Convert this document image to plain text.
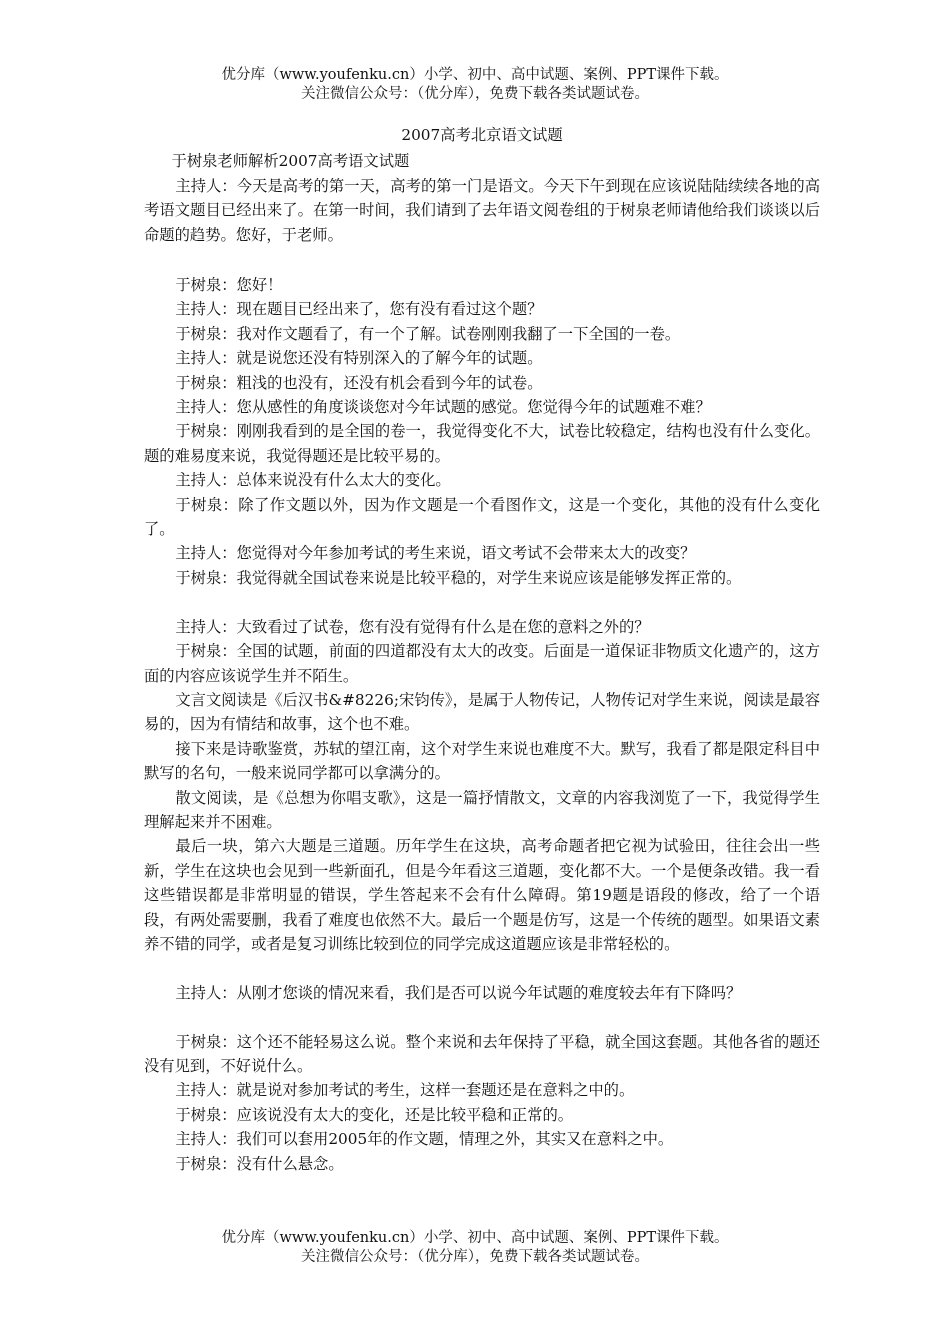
优分库（www.youfenku.cn）小学、初中、高中试题、案例、PPT课件下载。
关注微信公众号：（优分库），免费下载各类试题试卷。
2007高考北京语文试题

于树泉老师解析2007高考语文试题

主持人：今天是高考的第一天，高考的第一门是语文。今天下午到现在应该说陆陆续续各地的高考语文题目已经出来了。在第一时间，我们请到了去年语文阅卷组的于树泉老师请他给我们谈谈以后命题的趋势。您好，于老师。

于树泉：您好！

主持人：现在题目已经出来了，您有没有看过这个题？

于树泉：我对作文题看了，有一个了解。试卷刚刚我翻了一下全国的一卷。

主持人：就是说您还没有特别深入的了解今年的试题。

于树泉：粗浅的也没有，还没有机会看到今年的试卷。

主持人：您从感性的角度谈谈您对今年试题的感觉。您觉得今年的试题难不难？

于树泉：刚刚我看到的是全国的卷一，我觉得变化不大，试卷比较稳定，结构也没有什么变化。题的难易度来说，我觉得题还是比较平易的。

主持人：总体来说没有什么太大的变化。

于树泉：除了作文题以外，因为作文题是一个看图作文，这是一个变化，其他的没有什么变化了。

主持人：您觉得对今年参加考试的考生来说，语文考试不会带来太大的改变？

于树泉：我觉得就全国试卷来说是比较平稳的，对学生来说应该是能够发挥正常的。

主持人：大致看过了试卷，您有没有觉得有什么是在您的意料之外的？

于树泉：全国的试题，前面的四道都没有太大的改变。后面是一道保证非物质文化遗产的，这方面的内容应该说学生并不陌生。

文言文阅读是《后汉书&#8226;宋钧传》，是属于人物传记，人物传记对学生来说，阅读是最容易的，因为有情结和故事，这个也不难。

接下来是诗歌鉴赏，苏轼的望江南，这个对学生来说也难度不大。默写，我看了都是限定科目中默写的名句，一般来说同学都可以拿满分的。

散文阅读，是《总想为你唱支歌》，这是一篇抒情散文，文章的内容我浏览了一下，我觉得学生理解起来并不困难。

最后一块，第六大题是三道题。历年学生在这块，高考命题者把它视为试验田，往往会出一些新，学生在这块也会见到一些新面孔，但是今年看这三道题，变化都不大。一个是便条改错。我一看这些错误都是非常明显的错误，学生答起来不会有什么障碍。第19题是语段的修改，给了一个语段，有两处需要删，我看了难度也依然不大。最后一个题是仿写，这是一个传统的题型。如果语文素养不错的同学，或者是复习训练比较到位的同学完成这道题应该是非常轻松的。

主持人：从刚才您谈的情况来看，我们是否可以说今年试题的难度较去年有下降吗？

于树泉：这个还不能轻易这么说。整个来说和去年保持了平稳，就全国这套题。其他各省的题还没有见到，不好说什么。

主持人：就是说对参加考试的考生，这样一套题还是在意料之中的。

于树泉：应该说没有太大的变化，还是比较平稳和正常的。

主持人：我们可以套用2005年的作文题，情理之外，其实又在意料之中。

于树泉：没有什么悬念。

优分库（www.youfenku.cn）小学、初中、高中试题、案例、PPT课件下载。
关注微信公众号：（优分库），免费下载各类试题试卷。
